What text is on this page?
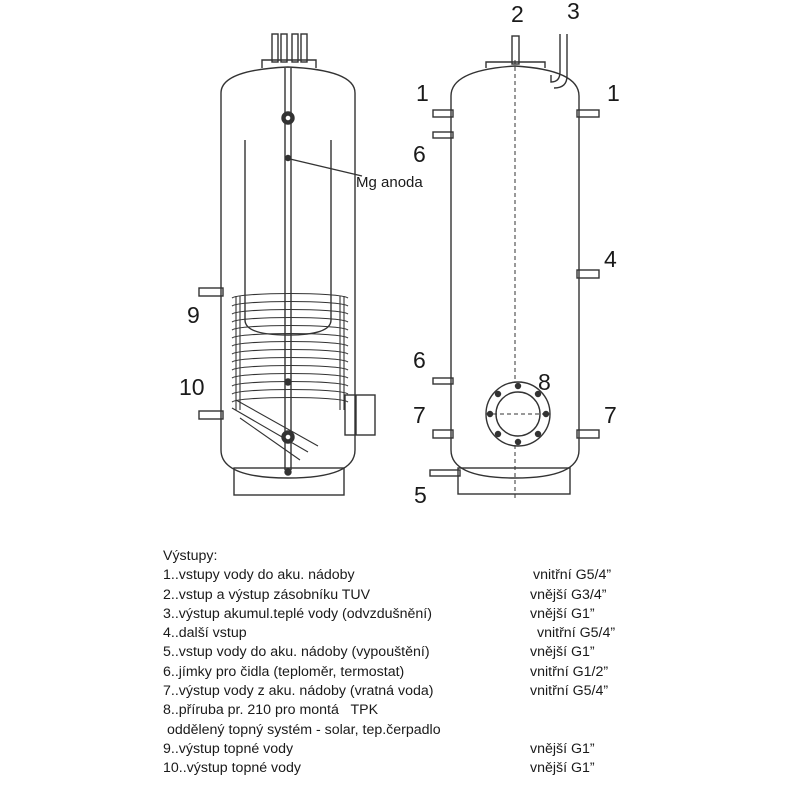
9
10
Mg anoda
2 3
1	1
6
4
6
8
7	7
5
Výstupy:
1..vstupy vody do aku. nádoby	vnitřní G5/4”
2..vstup a výstup zásobníku TUV	vnější G3/4”
3..výstup akumul.teplé vody (odvzdušnění)	vnější G1”
4..další vstup	vnitřní G5/4”
5..vstup vody do aku. nádoby (vypouštění)	vnější G1”
6..jímky pro čidla (teploměr, termostat)	vnitřní G1/2”
7..výstup vody z aku. nádoby (vratná voda)	vnitřní G5/4”
8..příruba pr. 210 pro montá   TPK
oddělený topný systém - solar, tep.čerpadlo
9..výstup topné vody	vnější G1”
10..výstup topné vody	vnější G1”
